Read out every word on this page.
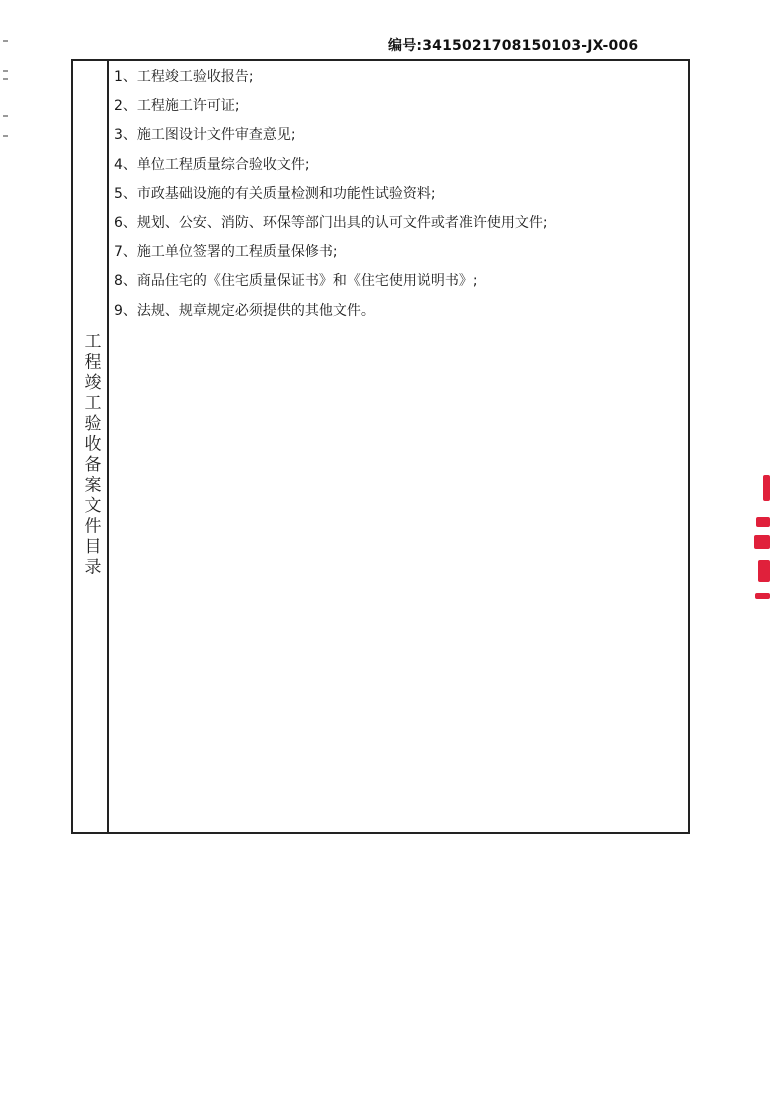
编号:3415021708150103-JX-006
工程竣工验收备案文件目录
1、工程竣工验收报告;
2、工程施工许可证;
3、施工图设计文件审查意见;
4、单位工程质量综合验收文件;
5、市政基础设施的有关质量检测和功能性试验资料;
6、规划、公安、消防、环保等部门出具的认可文件或者准许使用文件;
7、施工单位签署的工程质量保修书;
8、商品住宅的《住宅质量保证书》和《住宅使用说明书》;
9、法规、规章规定必须提供的其他文件。
